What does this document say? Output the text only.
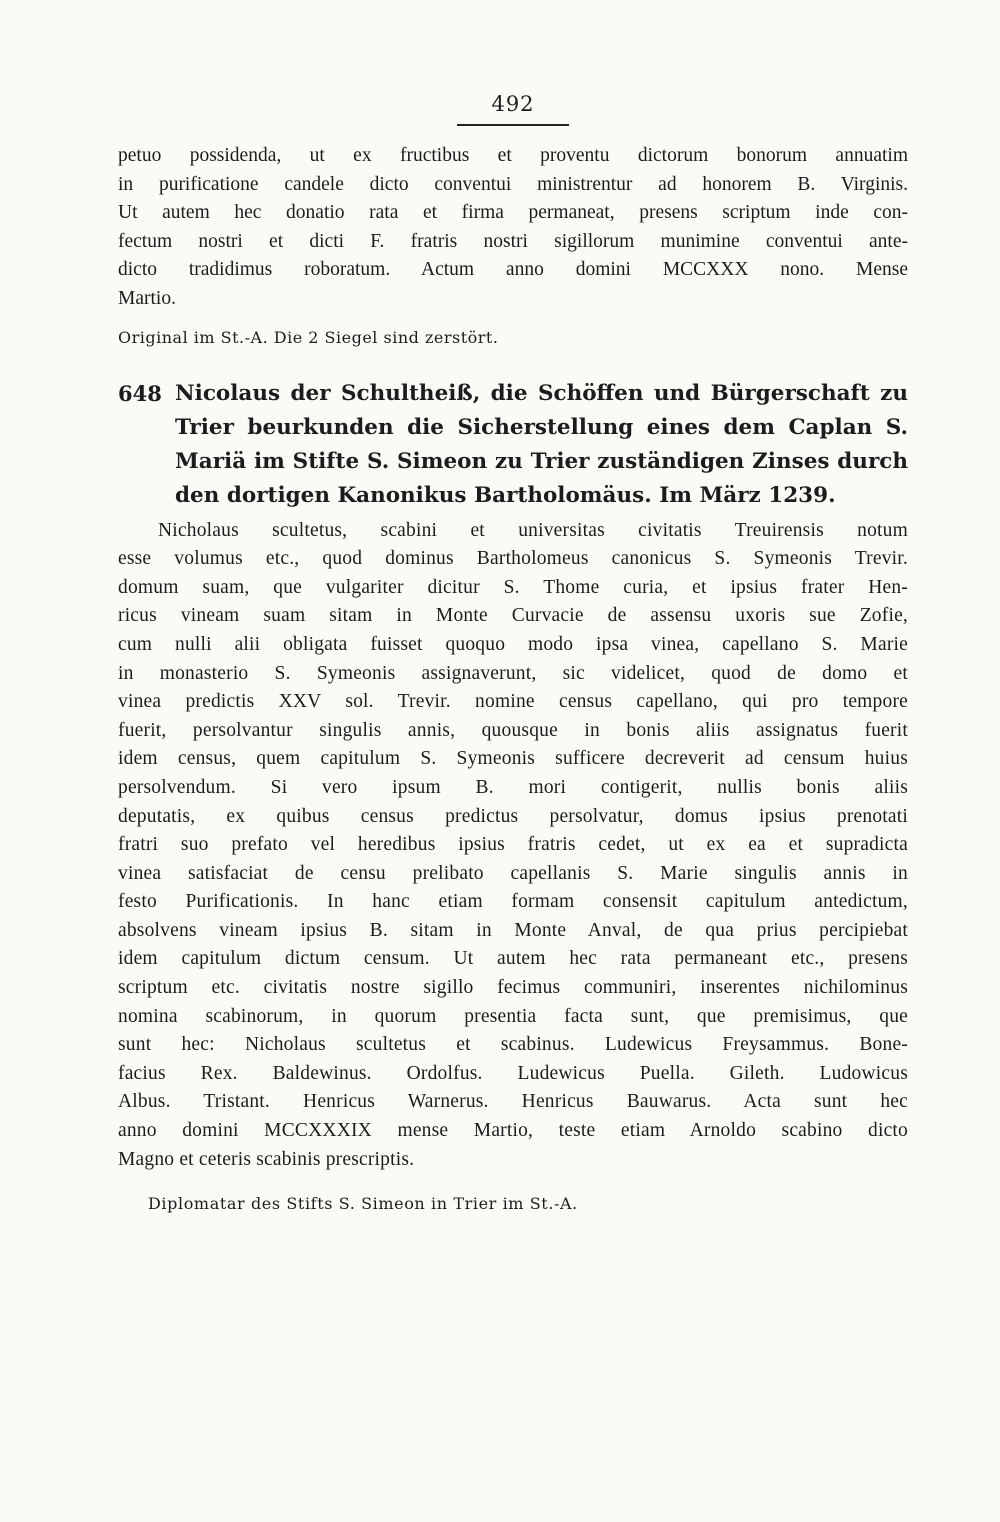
492
petuo possidenda, ut ex fructibus et proventu dictorum bonorum annuatim
in purificatione candele dicto conventui ministrentur ad honorem B. Virginis.
Ut autem hec donatio rata et firma permaneat, presens scriptum inde con-
fectum nostri et dicti F. fratris nostri sigillorum munimine conventui ante-
dicto tradidimus roboratum. Actum anno domini MCCXXX nono. Mense
Martio.
Original im St.-A. Die 2 Siegel sind zerstört.
648 Nicolaus der Schultheiß, die Schöffen und Bürgerschaft zu Trier beurkunden die Sicherstellung eines dem Caplan S. Mariä im Stifte S. Simeon zu Trier zuständigen Zinses durch den dortigen Kanonikus Bartholomäus. Im März 1239.
Nicholaus scultetus, scabini et universitas civitatis Treuirensis notum
esse volumus etc., quod dominus Bartholomeus canonicus S. Symeonis Trevir.
domum suam, que vulgariter dicitur S. Thome curia, et ipsius frater Hen-
ricus vineam suam sitam in Monte Curvacie de assensu uxoris sue Zofie,
cum nulli alii obligata fuisset quoquo modo ipsa vinea, capellano S. Marie
in monasterio S. Symeonis assignaverunt, sic videlicet, quod de domo et
vinea predictis XXV sol. Trevir. nomine census capellano, qui pro tempore
fuerit, persolvantur singulis annis, quousque in bonis aliis assignatus fuerit
idem census, quem capitulum S. Symeonis sufficere decreverit ad censum huius
persolvendum. Si vero ipsum B. mori contigerit, nullis bonis aliis
deputatis, ex quibus census predictus persolvatur, domus ipsius prenotati
fratri suo prefato vel heredibus ipsius fratris cedet, ut ex ea et supradicta
vinea satisfaciat de censu prelibato capellanis S. Marie singulis annis in
festo Purificationis. In hanc etiam formam consensit capitulum antedictum,
absolvens vineam ipsius B. sitam in Monte Anval, de qua prius percipiebat
idem capitulum dictum censum. Ut autem hec rata permaneant etc., presens
scriptum etc. civitatis nostre sigillo fecimus communiri, inserentes nichilominus
nomina scabinorum, in quorum presentia facta sunt, que premisimus, que
sunt hec: Nicholaus scultetus et scabinus. Ludewicus Freysammus. Bone-
facius Rex. Baldewinus. Ordolfus. Ludewicus Puella. Gileth. Ludowicus
Albus. Tristant. Henricus Warnerus. Henricus Bauwarus. Acta sunt hec
anno domini MCCXXXIX mense Martio, teste etiam Arnoldo scabino dicto
Magno et ceteris scabinis prescriptis.
Diplomatar des Stifts S. Simeon in Trier im St.-A.
